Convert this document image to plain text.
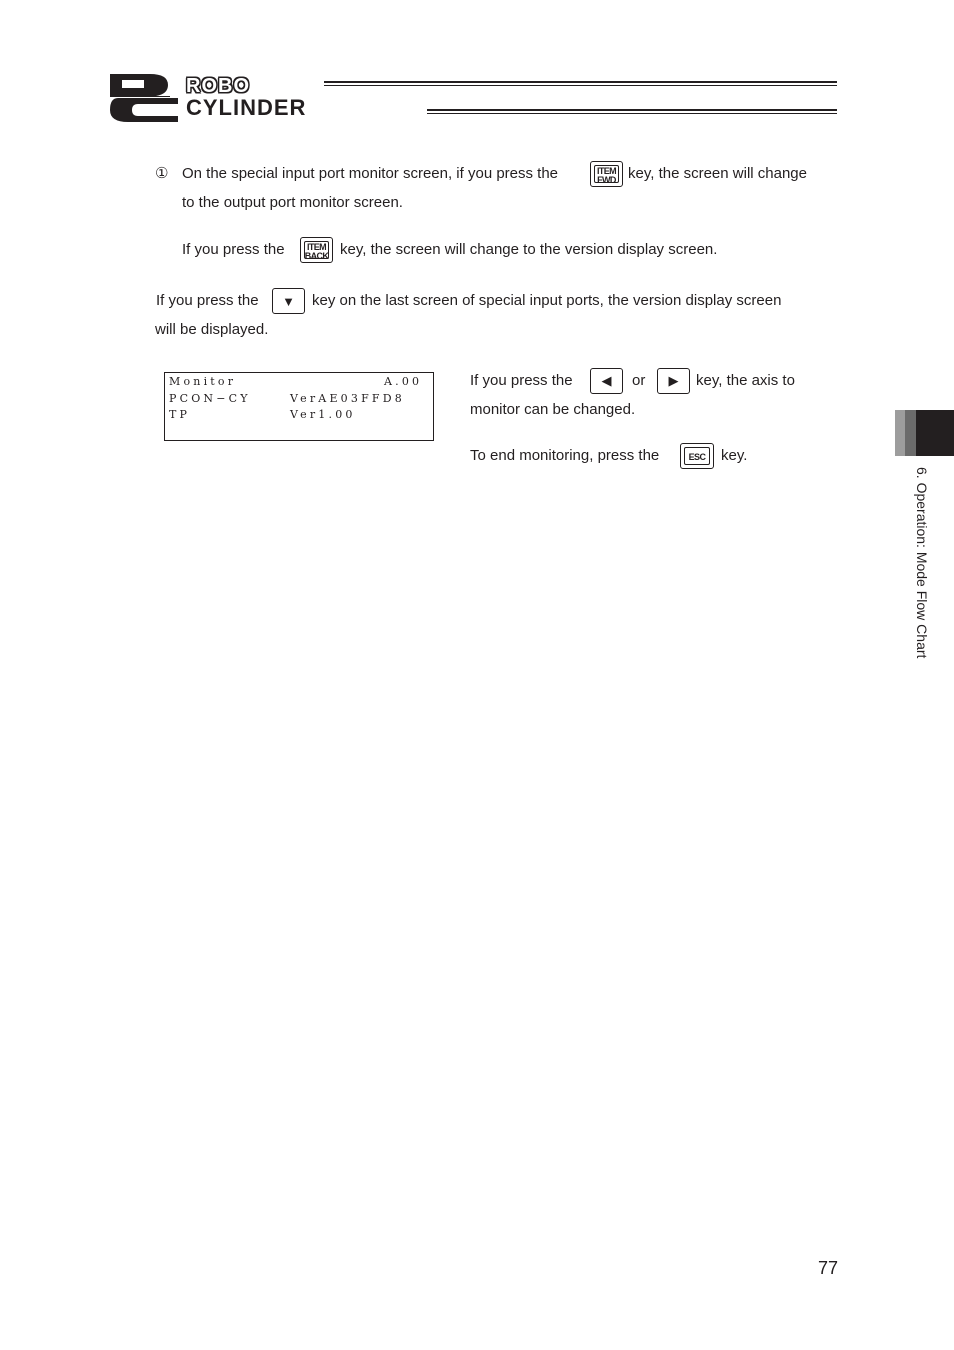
ROBO
CYLINDER
① On the special input port monitor screen, if you press the	ITEM
FWD key, the screen will change
to the output port monitor screen.
If you press the	ITEM
BACK key, the screen will change to the version display screen.
If you press the	▼	key on the last screen of special input ports, the version display screen
will be displayed.
Monitor	A.00
PCON−CY	VerAE03FFD8
TP	Ver1.00
If you press the	◀	or	▶	key, the axis to
monitor can be changed.
To end monitoring, press the	ESC	key.
6. Operation: Mode Flow Chart
77
